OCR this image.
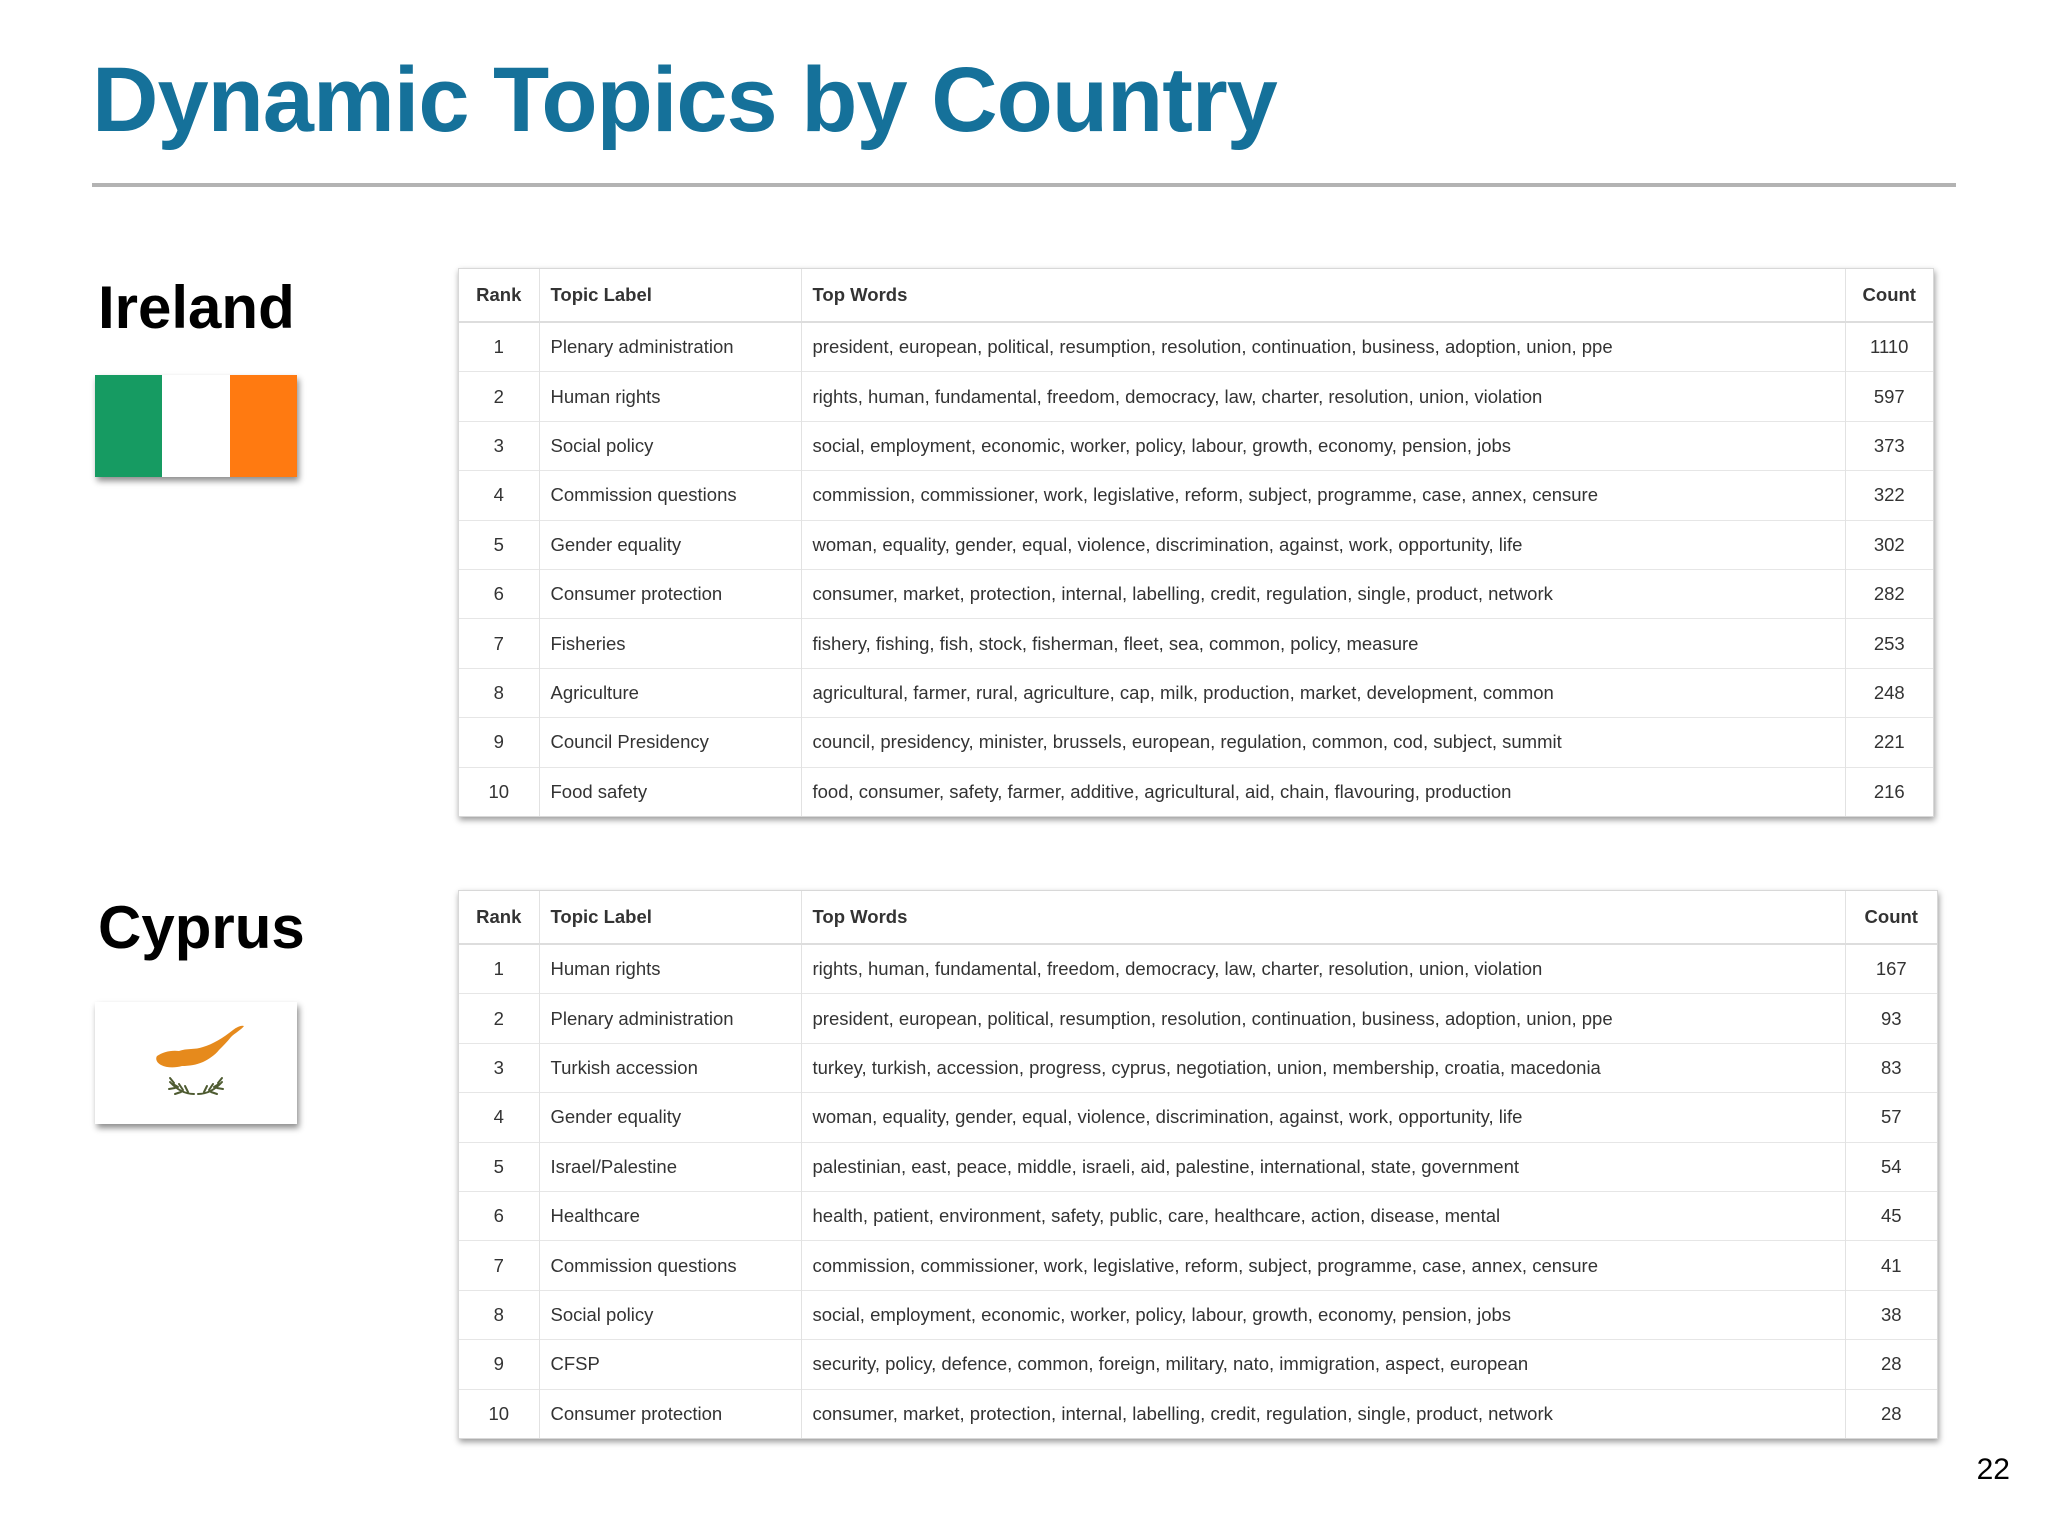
Dynamic Topics by Country
Ireland	Rank	Topic Label	Top Words	Count
1	Plenary administration	president, european, political, resumption, resolution, continuation, business, adoption, union, ppe	1110
2	Human rights	rights, human, fundamental, freedom, democracy, law, charter, resolution, union, violation	597
3	Social policy	social, employment, economic, worker, policy, labour, growth, economy, pension, jobs	373
4	Commission questions	commission, commissioner, work, legislative, reform, subject, programme, case, annex, censure	322
5	Gender equality	woman, equality, gender, equal, violence, discrimination, against, work, opportunity, life	302
6	Consumer protection	consumer, market, protection, internal, labelling, credit, regulation, single, product, network	282
7	Fisheries	fishery, fishing, fish, stock, fisherman, fleet, sea, common, policy, measure	253
8	Agriculture	agricultural, farmer, rural, agriculture, cap, milk, production, market, development, common	248
9	Council Presidency	council, presidency, minister, brussels, european, regulation, common, cod, subject, summit	221
10	Food safety	food, consumer, safety, farmer, additive, agricultural, aid, chain, flavouring, production	216
Cyprus	Rank	Topic Label	Top Words	Count
1	Human rights	rights, human, fundamental, freedom, democracy, law, charter, resolution, union, violation	167
2	Plenary administration	president, european, political, resumption, resolution, continuation, business, adoption, union, ppe	93
3	Turkish accession	turkey, turkish, accession, progress, cyprus, negotiation, union, membership, croatia, macedonia	83
4	Gender equality	woman, equality, gender, equal, violence, discrimination, against, work, opportunity, life	57
5	Israel/Palestine	palestinian, east, peace, middle, israeli, aid, palestine, international, state, government	54
6	Healthcare	health, patient, environment, safety, public, care, healthcare, action, disease, mental	45
7	Commission questions	commission, commissioner, work, legislative, reform, subject, programme, case, annex, censure	41
8	Social policy	social, employment, economic, worker, policy, labour, growth, economy, pension, jobs	38
9	CFSP	security, policy, defence, common, foreign, military, nato, immigration, aspect, european	28
10	Consumer protection	consumer, market, protection, internal, labelling, credit, regulation, single, product, network	28
22
